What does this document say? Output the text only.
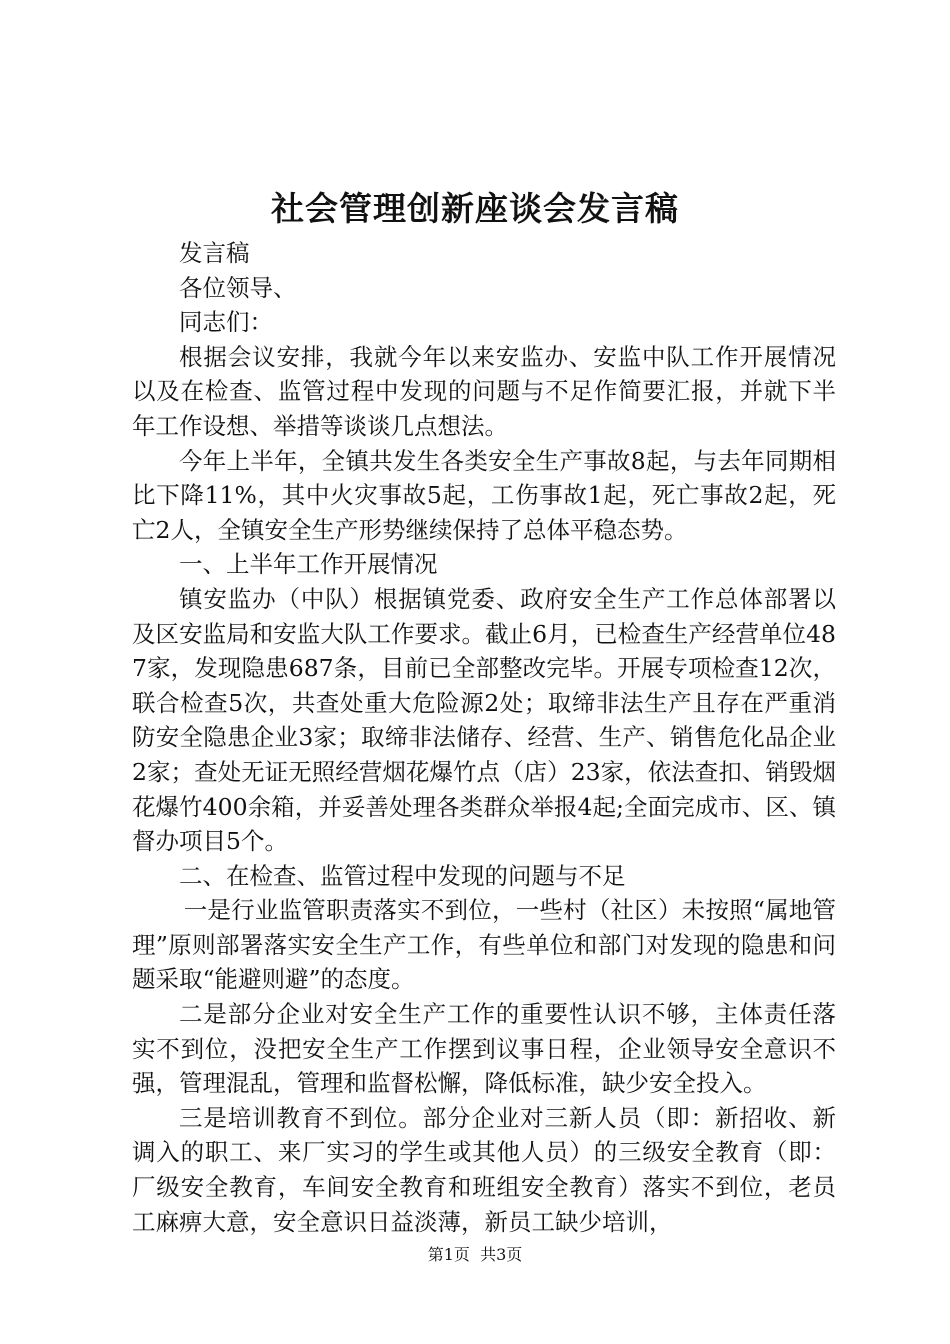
社会管理创新座谈会发言稿

发言稿

各位领导、

同志们：

根据会议安排，我就今年以来安监办、安监中队工作开展情况以及在检查、监管过程中发现的问题与不足作简要汇报，并就下半年工作设想、举措等谈谈几点想法。

今年上半年，全镇共发生各类安全生产事故8起，与去年同期相比下降11%，其中火灾事故5起，工伤事故1起，死亡事故2起，死亡2人，全镇安全生产形势继续保持了总体平稳态势。

一、上半年工作开展情况

镇安监办（中队）根据镇党委、政府安全生产工作总体部署以及区安监局和安监大队工作要求。截止6月，已检查生产经营单位487家，发现隐患687条，目前已全部整改完毕。开展专项检查12次，联合检查5次，共查处重大危险源2处；取缔非法生产且存在严重消防安全隐患企业3家；取缔非法储存、经营、生产、销售危化品企业2家；查处无证无照经营烟花爆竹点（店）23家，依法查扣、销毁烟花爆竹400余箱，并妥善处理各类群众举报4起;全面完成市、区、镇督办项目5个。

二、在检查、监管过程中发现的问题与不足

一是行业监管职责落实不到位，一些村（社区）未按照“属地管理”原则部署落实安全生产工作，有些单位和部门对发现的隐患和问题采取“能避则避”的态度。

二是部分企业对安全生产工作的重要性认识不够，主体责任落实不到位，没把安全生产工作摆到议事日程，企业领导安全意识不强，管理混乱，管理和监督松懈，降低标准，缺少安全投入。

三是培训教育不到位。部分企业对三新人员（即：新招收、新调入的职工、来厂实习的学生或其他人员）的三级安全教育（即：厂级安全教育，车间安全教育和班组安全教育）落实不到位，老员工麻痹大意，安全意识日益淡薄，新员工缺少培训，

第1页 共3页
